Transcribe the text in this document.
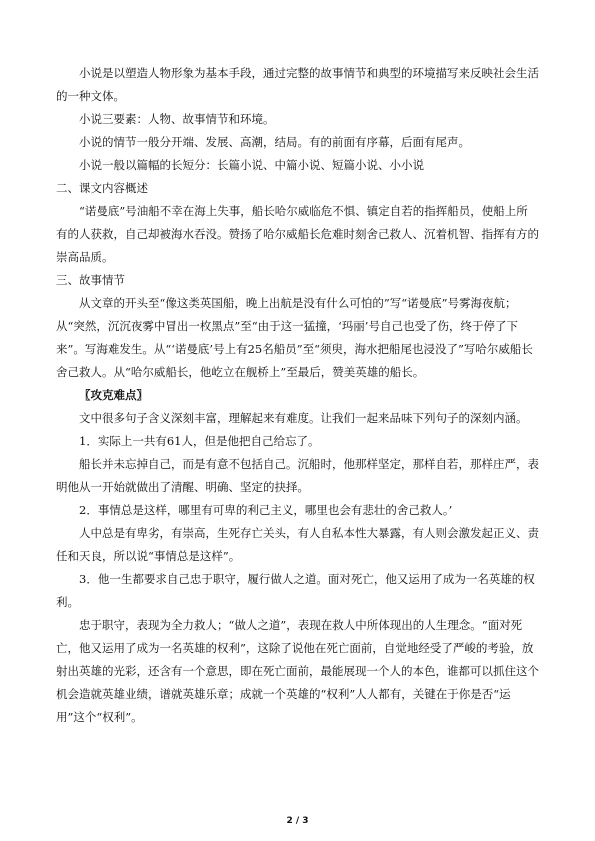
小说是以塑造人物形象为基本手段，通过完整的故事情节和典型的环境描写来反映社会生活的一种文体。

小说三要素：人物、故事情节和环境。

小说的情节一般分开端、发展、高潮，结局。有的前面有序幕，后面有尾声。

小说一般以篇幅的长短分：长篇小说、中篇小说、短篇小说、小小说

二、课文内容概述

“诺曼底”号油船不幸在海上失事，船长哈尔威临危不惧、镇定自若的指挥船员，使船上所有的人获救，自己却被海水吞没。赞扬了哈尔威船长危难时刻舍己救人、沉着机智、指挥有方的崇高品质。

三、故事情节

从文章的开头至“像这类英国船，晚上出航是没有什么可怕的”写“诺曼底”号雾海夜航；从“突然，沉沉夜雾中冒出一枚黑点”至“由于这一猛撞，‘玛丽’号自己也受了伤，终于停了下来”。写海难发生。从“‘诺曼底’号上有25名船员”至“须臾，海水把船尾也浸没了”写哈尔威船长舍己救人。从“哈尔威船长，他屹立在舰桥上”至最后，赞美英雄的船长。

〖攻克难点〗

文中很多句子含义深刻丰富，理解起来有难度。让我们一起来品味下列句子的深刻内涵。

1．实际上一共有61人，但是他把自己给忘了。

船长并未忘掉自己，而是有意不包括自己。沉船时，他那样坚定，那样自若，那样庄严，表明他从一开始就做出了清醒、明确、坚定的抉择。

2．事情总是这样，哪里有可卑的利己主义，哪里也会有悲壮的舍己救人。’

人中总是有卑劣，有崇高，生死存亡关头，有人自私本性大暴露，有人则会激发起正义、责任和天良，所以说“事情总是这样”。

3．他一生都要求自己忠于职守，履行做人之道。面对死亡，他又运用了成为一名英雄的权利。

忠于职守，表现为全力救人；“做人之道”，表现在救人中所体现出的人生理念。“面对死亡，他又运用了成为一名英雄的权利”，这除了说他在死亡面前，自觉地经受了严峻的考验，放射出英雄的光彩，还含有一个意思，即在死亡面前，最能展现一个人的本色，谁都可以抓住这个机会造就英雄业绩，谱就英雄乐章；成就一个英雄的“权利”人人都有，关键在于你是否“运用”这个“权利”。

2 / 3
